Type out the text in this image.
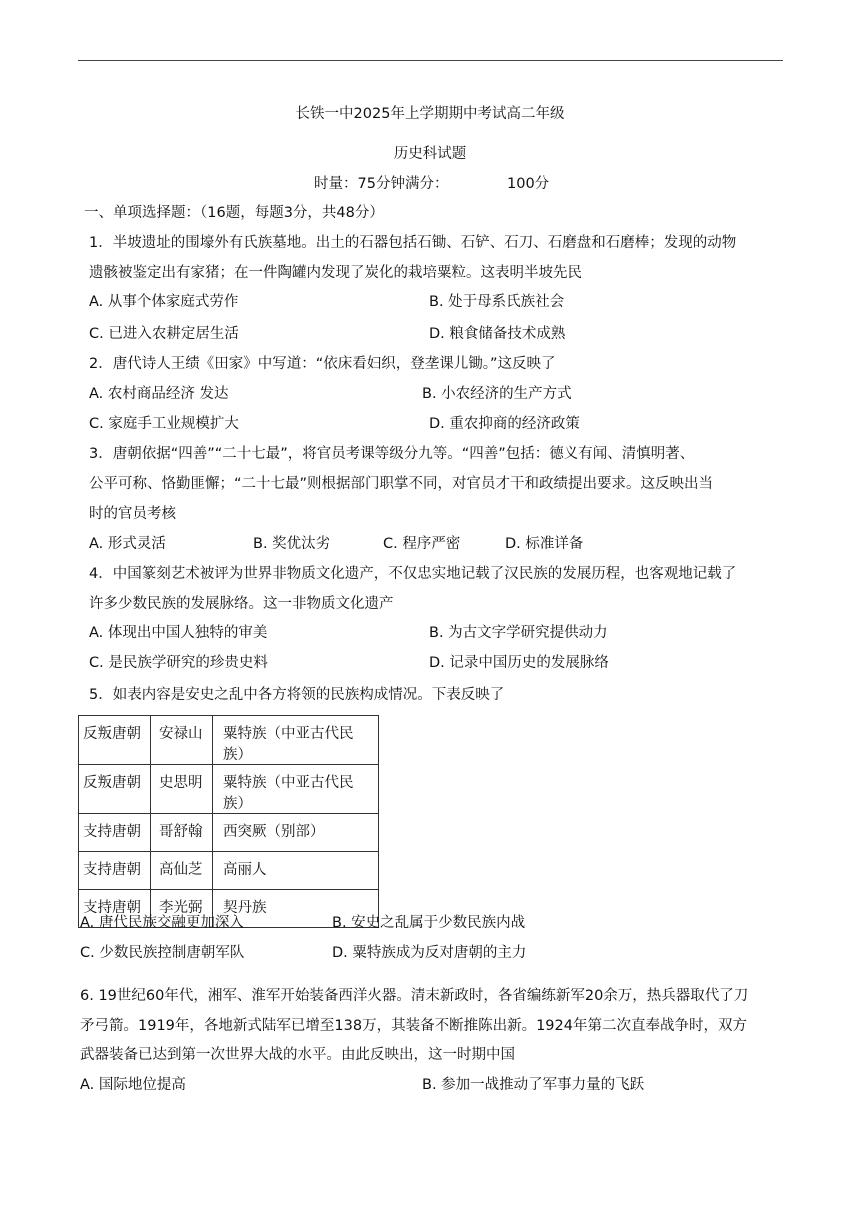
长铁一中2025年上学期期中考试高二年级
历史科试题
时量：75分钟满分：	100分
一、单项选择题：（16题，每题3分，共48分）
1．半坡遗址的围壕外有氏族墓地。出土的石器包括石锄、石铲、石刀、石磨盘和石磨棒；发现的动物
遗骸被鉴定出有家猪；在一件陶罐内发现了炭化的栽培粟粒。这表明半坡先民
A. 从事个体家庭式劳作	B. 处于母系氏族社会
C. 已进入农耕定居生活	D. 粮食储备技术成熟
2．唐代诗人王绩《田家》中写道：“依床看妇织，登垄课儿锄。”这反映了
A. 农村商品经济 发达	B. 小农经济的生产方式
C. 家庭手工业规模扩大	D. 重农抑商的经济政策
3．唐朝依据“四善”“二十七最”，将官员考课等级分九等。“四善”包括：德义有闻、清慎明著、
公平可称、恪勤匪懈；“二十七最”则根据部门职掌不同，对官员才干和政绩提出要求。这反映出当
时的官员考核
A. 形式灵活	B. 奖优汰劣	C. 程序严密	D. 标准详备
4．中国篆刻艺术被评为世界非物质文化遗产，不仅忠实地记载了汉民族的发展历程，也客观地记载了
许多少数民族的发展脉络。这一非物质文化遗产
A. 体现出中国人独特的审美	B. 为古文字学研究提供动力
C. 是民族学研究的珍贵史料	D. 记录中国历史的发展脉络
5．如表内容是安史之乱中各方将领的民族构成情况。下表反映了
反叛唐朝	安禄山	粟特族（中亚古代民族）
反叛唐朝	史思明	粟特族（中亚古代民族）
支持唐朝	哥舒翰	西突厥（别部）
支持唐朝	高仙芝	高丽人
支持唐朝	李光弼	契丹族
A. 唐代民族交融更加深入	B. 安史之乱属于少数民族内战
C. 少数民族控制唐朝军队	D. 粟特族成为反对唐朝的主力
6. 19世纪60年代，湘军、淮军开始装备西洋火器。清末新政时，各省编练新军20余万，热兵器取代了刀
矛弓箭。1919年，各地新式陆军已增至138万，其装备不断推陈出新。1924年第二次直奉战争时，双方
武器装备已达到第一次世界大战的水平。由此反映出，这一时期中国
A. 国际地位提高	B. 参加一战推动了军事力量的飞跃
